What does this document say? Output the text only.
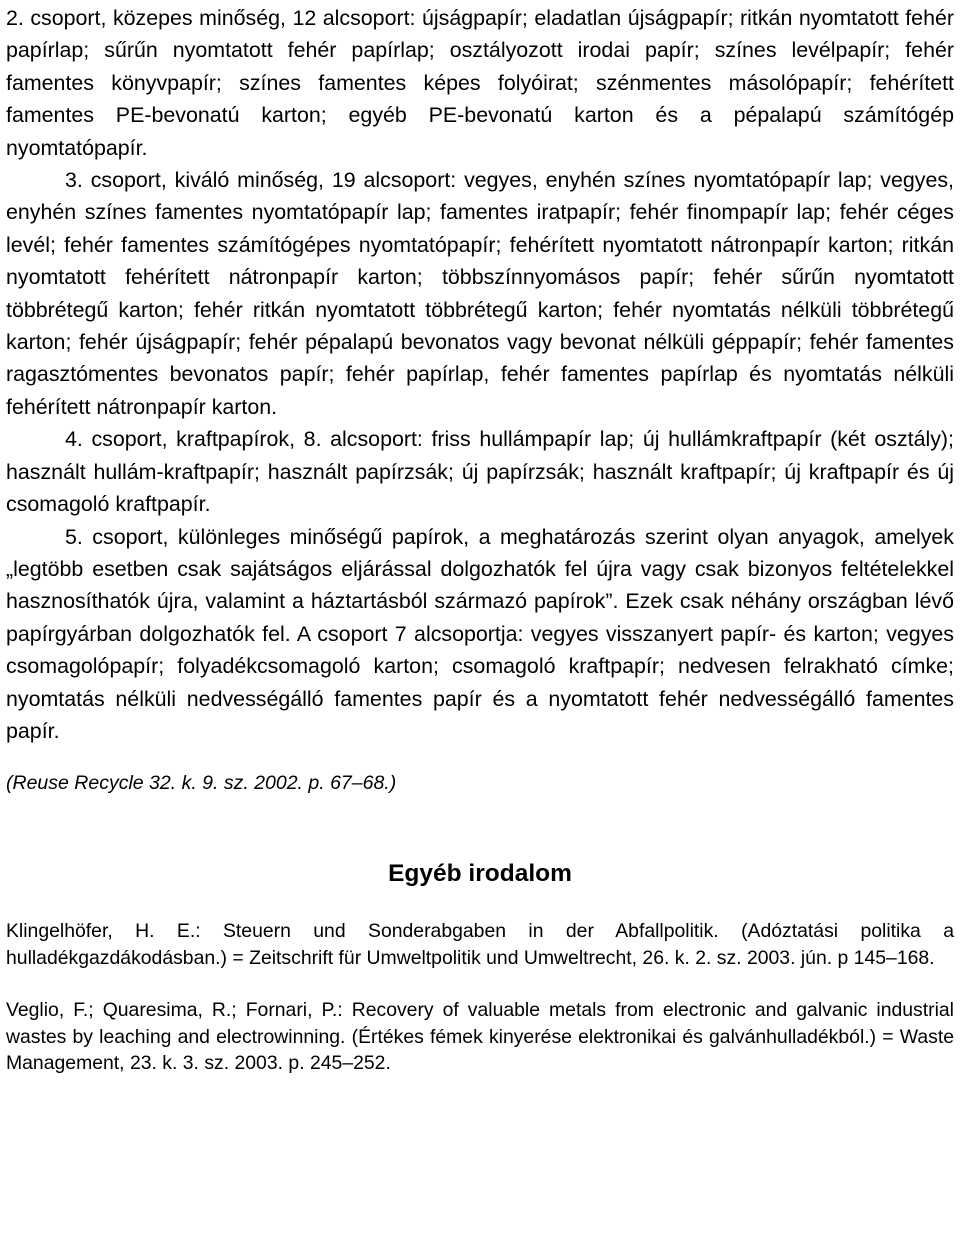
2. csoport, közepes minőség, 12 alcsoport: újságpapír; eladatlan újságpapír; ritkán nyomtatott fehér papírlap; sűrűn nyomtatott fehér papírlap; osztályozott irodai papír; színes levélpapír; fehér famentes könyvpapír; színes famentes képes folyóirat; szénmentes másolópapír; fehérített famentes PE-bevonatú karton; egyéb PE-bevonatú karton és a pépalapú számítógép nyomtatópapír.

3. csoport, kiváló minőség, 19 alcsoport: vegyes, enyhén színes nyomtatópapír lap; vegyes, enyhén színes famentes nyomtatópapír lap; famentes iratpapír; fehér finompapír lap; fehér céges levél; fehér famentes számítógépes nyomtatópapír; fehérített nyomtatott nátronpapír karton; ritkán nyomtatott fehérített nátronpapír karton; többszínnyomásos papír; fehér sűrűn nyomtatott többrétegű karton; fehér ritkán nyomtatott többrétegű karton; fehér nyomtatás nélküli többrétegű karton; fehér újságpapír; fehér pépalapú bevonatos vagy bevonat nélküli géppapír; fehér famentes ragasztómentes bevonatos papír; fehér papírlap, fehér famentes papírlap és nyomtatás nélküli fehérített nátronpapír karton.

4. csoport, kraftpapírok, 8. alcsoport: friss hullámpapír lap; új hullámkraftpapír (két osztály); használt hullám-kraftpapír; használt papírzsák; új papírzsák; használt kraftpapír; új kraftpapír és új csomagoló kraftpapír.

5. csoport, különleges minőségű papírok, a meghatározás szerint olyan anyagok, amelyek „legtöbb esetben csak sajátságos eljárással dolgozhatók fel újra vagy csak bizonyos feltételekkel hasznosíthatók újra, valamint a háztartásból származó papírok”. Ezek csak néhány országban lévő papírgyárban dolgozhatók fel. A csoport 7 alcsoportja: vegyes visszanyert papír- és karton; vegyes csomagolópapír; folyadékcsomagoló karton; csomagoló kraftpapír; nedvesen felrakható címke; nyomtatás nélküli nedvességálló famentes papír és a nyomtatott fehér nedvességálló famentes papír.

(Reuse Recycle 32. k. 9. sz. 2002. p. 67–68.)
Egyéb irodalom

Klingelhöfer, H. E.: Steuern und Sonderabgaben in der Abfallpolitik. (Adóztatási politika a hulladékgazdákodásban.) = Zeitschrift für Umweltpolitik und Umweltrecht, 26. k. 2. sz. 2003. jún. p 145–168.

Veglio, F.; Quaresima, R.; Fornari, P.: Recovery of valuable metals from electronic and galvanic industrial wastes by leaching and electrowinning. (Értékes fémek kinyerése elektronikai és galvánhulladékból.) = Waste Management, 23. k. 3. sz. 2003. p. 245–252.
